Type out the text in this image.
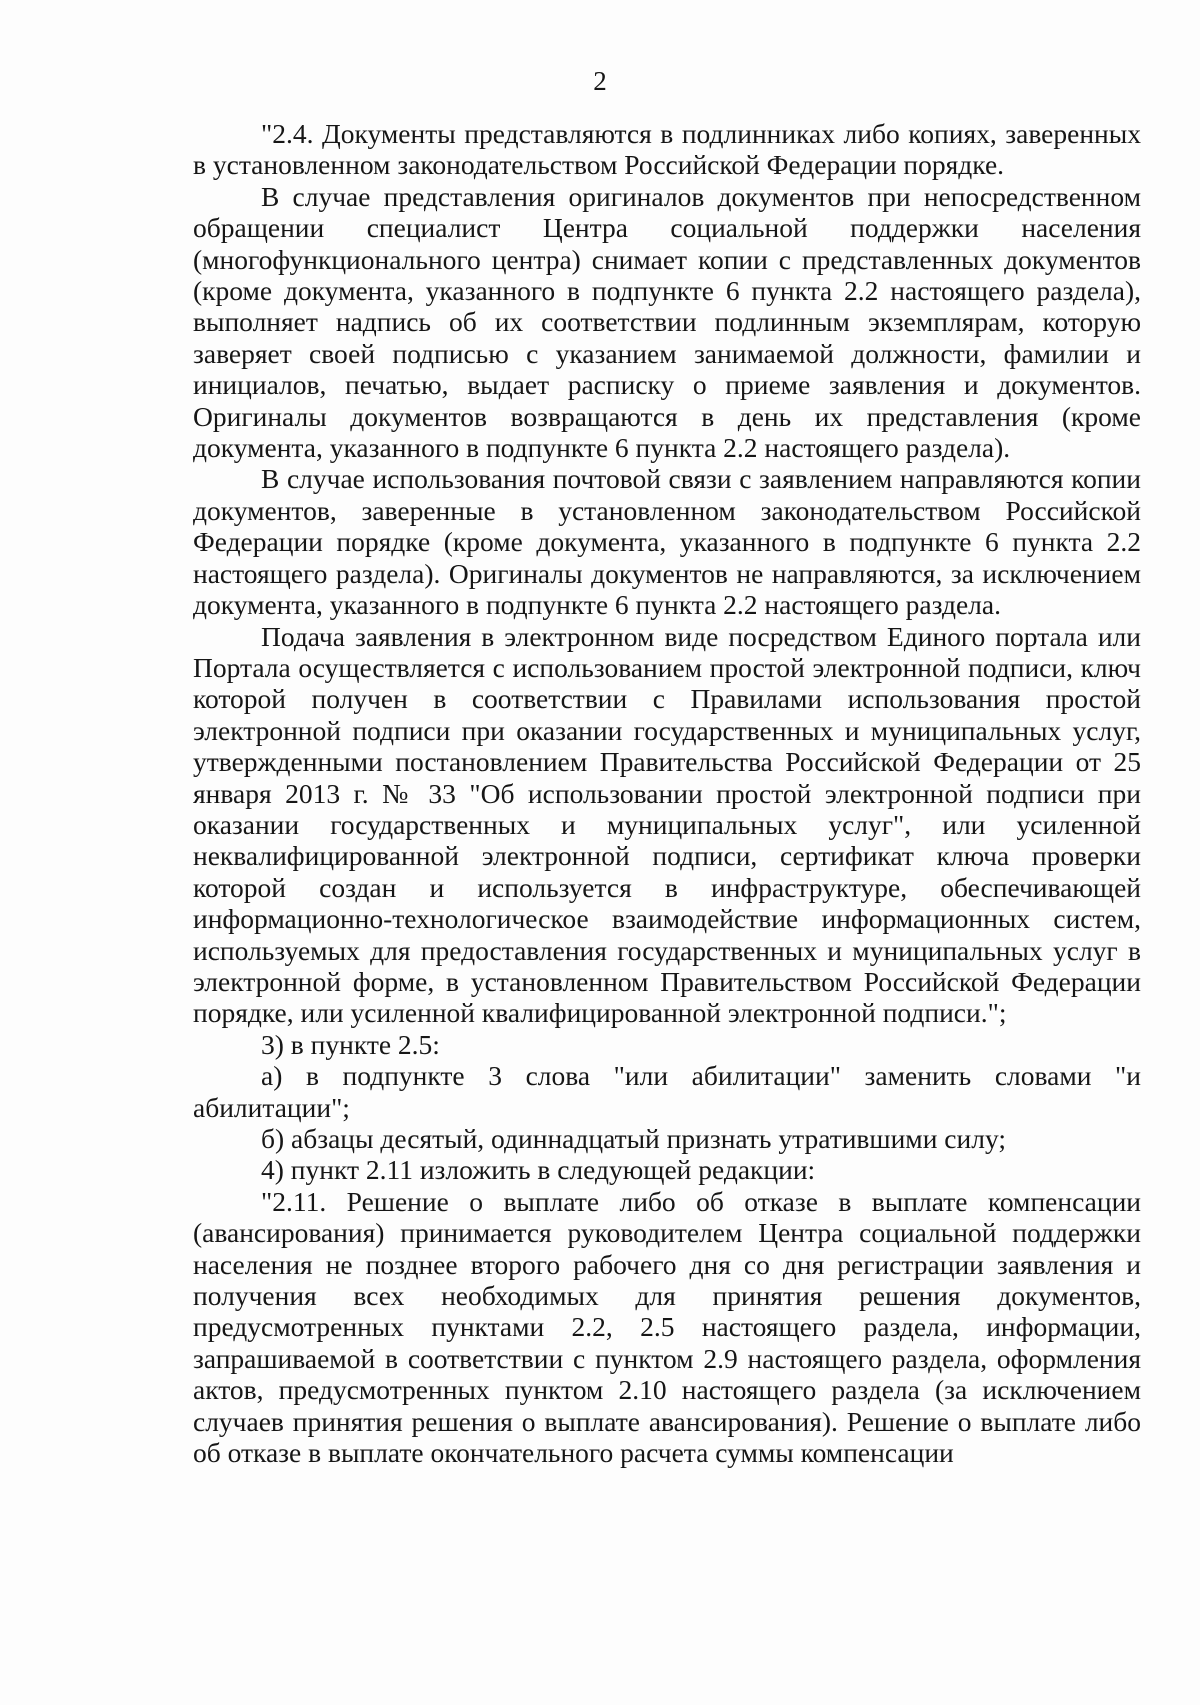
2

"2.4. Документы представляются в подлинниках либо копиях, заверенных в установленном законодательством Российской Федерации порядке.

В случае представления оригиналов документов при непосредственном обращении специалист Центра социальной поддержки населения (многофункционального центра) снимает копии с представленных документов (кроме документа, указанного в подпункте 6 пункта 2.2 настоящего раздела), выполняет надпись об их соответствии подлинным экземплярам, которую заверяет своей подписью с указанием занимаемой должности, фамилии и инициалов, печатью, выдает расписку о приеме заявления и документов. Оригиналы документов возвращаются в день их представления (кроме документа, указанного в подпункте 6 пункта 2.2 настоящего раздела).

В случае использования почтовой связи с заявлением направляются копии документов, заверенные в установленном законодательством Российской Федерации порядке (кроме документа, указанного в подпункте 6 пункта 2.2 настоящего раздела). Оригиналы документов не направляются, за исключением документа, указанного в подпункте 6 пункта 2.2 настоящего раздела.

Подача заявления в электронном виде посредством Единого портала или Портала осуществляется с использованием простой электронной подписи, ключ которой получен в соответствии с Правилами использования простой электронной подписи при оказании государственных и муниципальных услуг, утвержденными постановлением Правительства Российской Федерации от 25 января 2013 г. № 33 "Об использовании простой электронной подписи при оказании государственных и муниципальных услуг", или усиленной неквалифицированной электронной подписи, сертификат ключа проверки которой создан и используется в инфраструктуре, обеспечивающей информационно-технологическое взаимодействие информационных систем, используемых для предоставления государственных и муниципальных услуг в электронной форме, в установленном Правительством Российской Федерации порядке, или усиленной квалифицированной электронной подписи.";

3) в пункте 2.5:

а) в подпункте 3 слова "или абилитации" заменить словами "и абилитации";

б) абзацы десятый, одиннадцатый признать утратившими силу;

4) пункт 2.11 изложить в следующей редакции:

"2.11. Решение о выплате либо об отказе в выплате компенсации (авансирования) принимается руководителем Центра социальной поддержки населения не позднее второго рабочего дня со дня регистрации заявления и получения всех необходимых для принятия решения документов, предусмотренных пунктами 2.2, 2.5 настоящего раздела, информации, запрашиваемой в соответствии с пунктом 2.9 настоящего раздела, оформления актов, предусмотренных пунктом 2.10 настоящего раздела (за исключением случаев принятия решения о выплате авансирования). Решение о выплате либо об отказе в выплате окончательного расчета суммы компенсации
